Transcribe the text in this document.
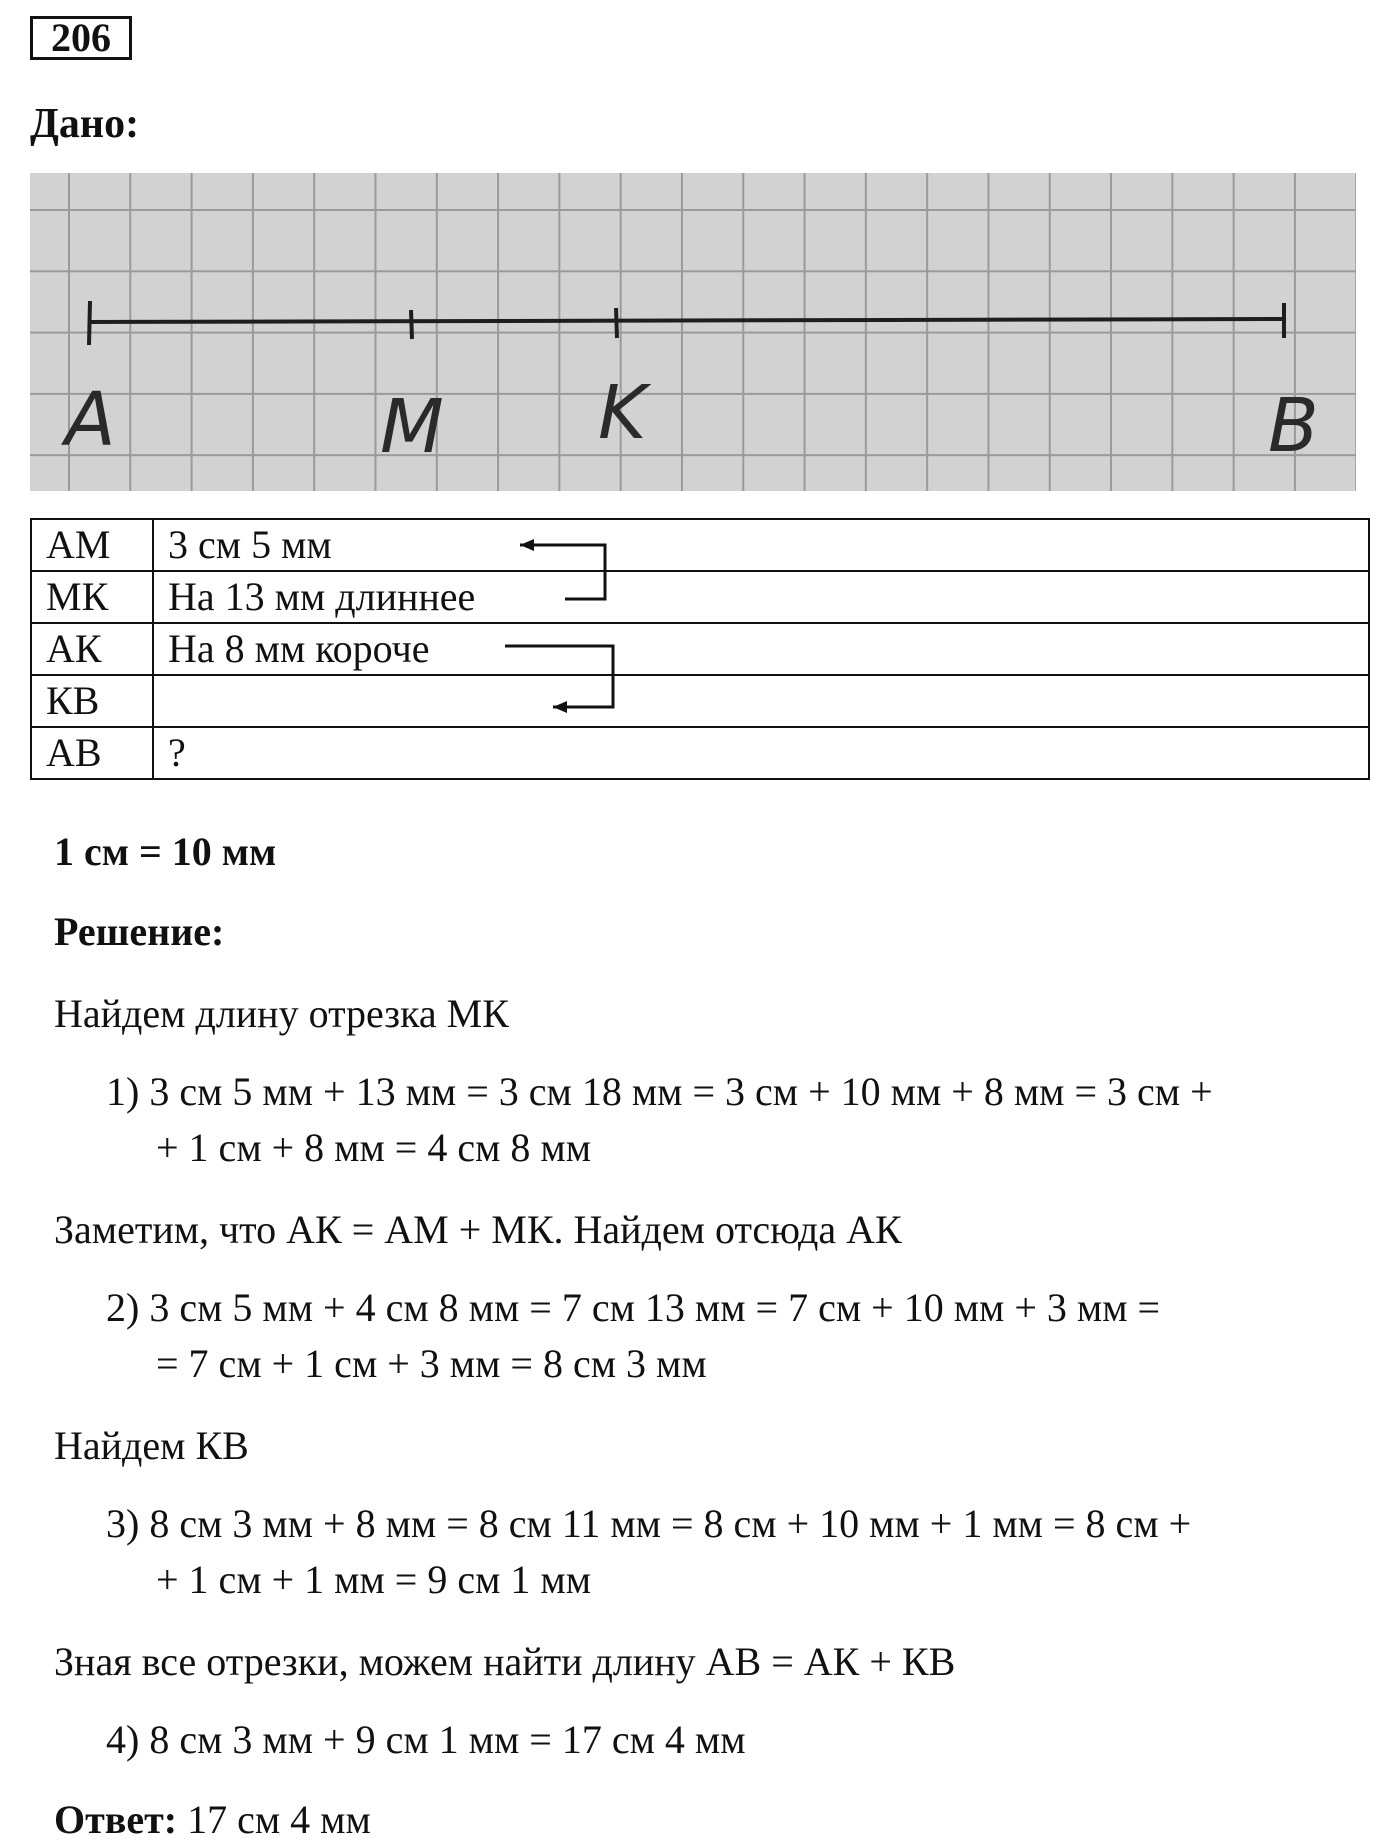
206
Дано:
A	M K	B
АМ	3 см 5 мм
МК	На 13 мм длиннее
АК	На 8 мм короче
КВ	
АВ	?
1 см = 10 мм
Решение:
Найдем длину отрезка МК
1) 3 см 5 мм + 13 мм = 3 см 18 мм = 3 см + 10 мм + 8 мм = 3 см +
+ 1 см + 8 мм = 4 см 8 мм
Заметим, что АК = АМ + МК. Найдем отсюда АК
2) 3 см 5 мм + 4 см 8 мм = 7 см 13 мм = 7 см + 10 мм + 3 мм =
= 7 см + 1 см + 3 мм = 8 см 3 мм
Найдем КВ
3) 8 см 3 мм + 8 мм = 8 см 11 мм = 8 см + 10 мм + 1 мм = 8 см +
+ 1 см + 1 мм = 9 см 1 мм
Зная все отрезки, можем найти длину АВ = АК + КВ
4) 8 см 3 мм + 9 см 1 мм = 17 см 4 мм
Ответ: 17 см 4 мм
